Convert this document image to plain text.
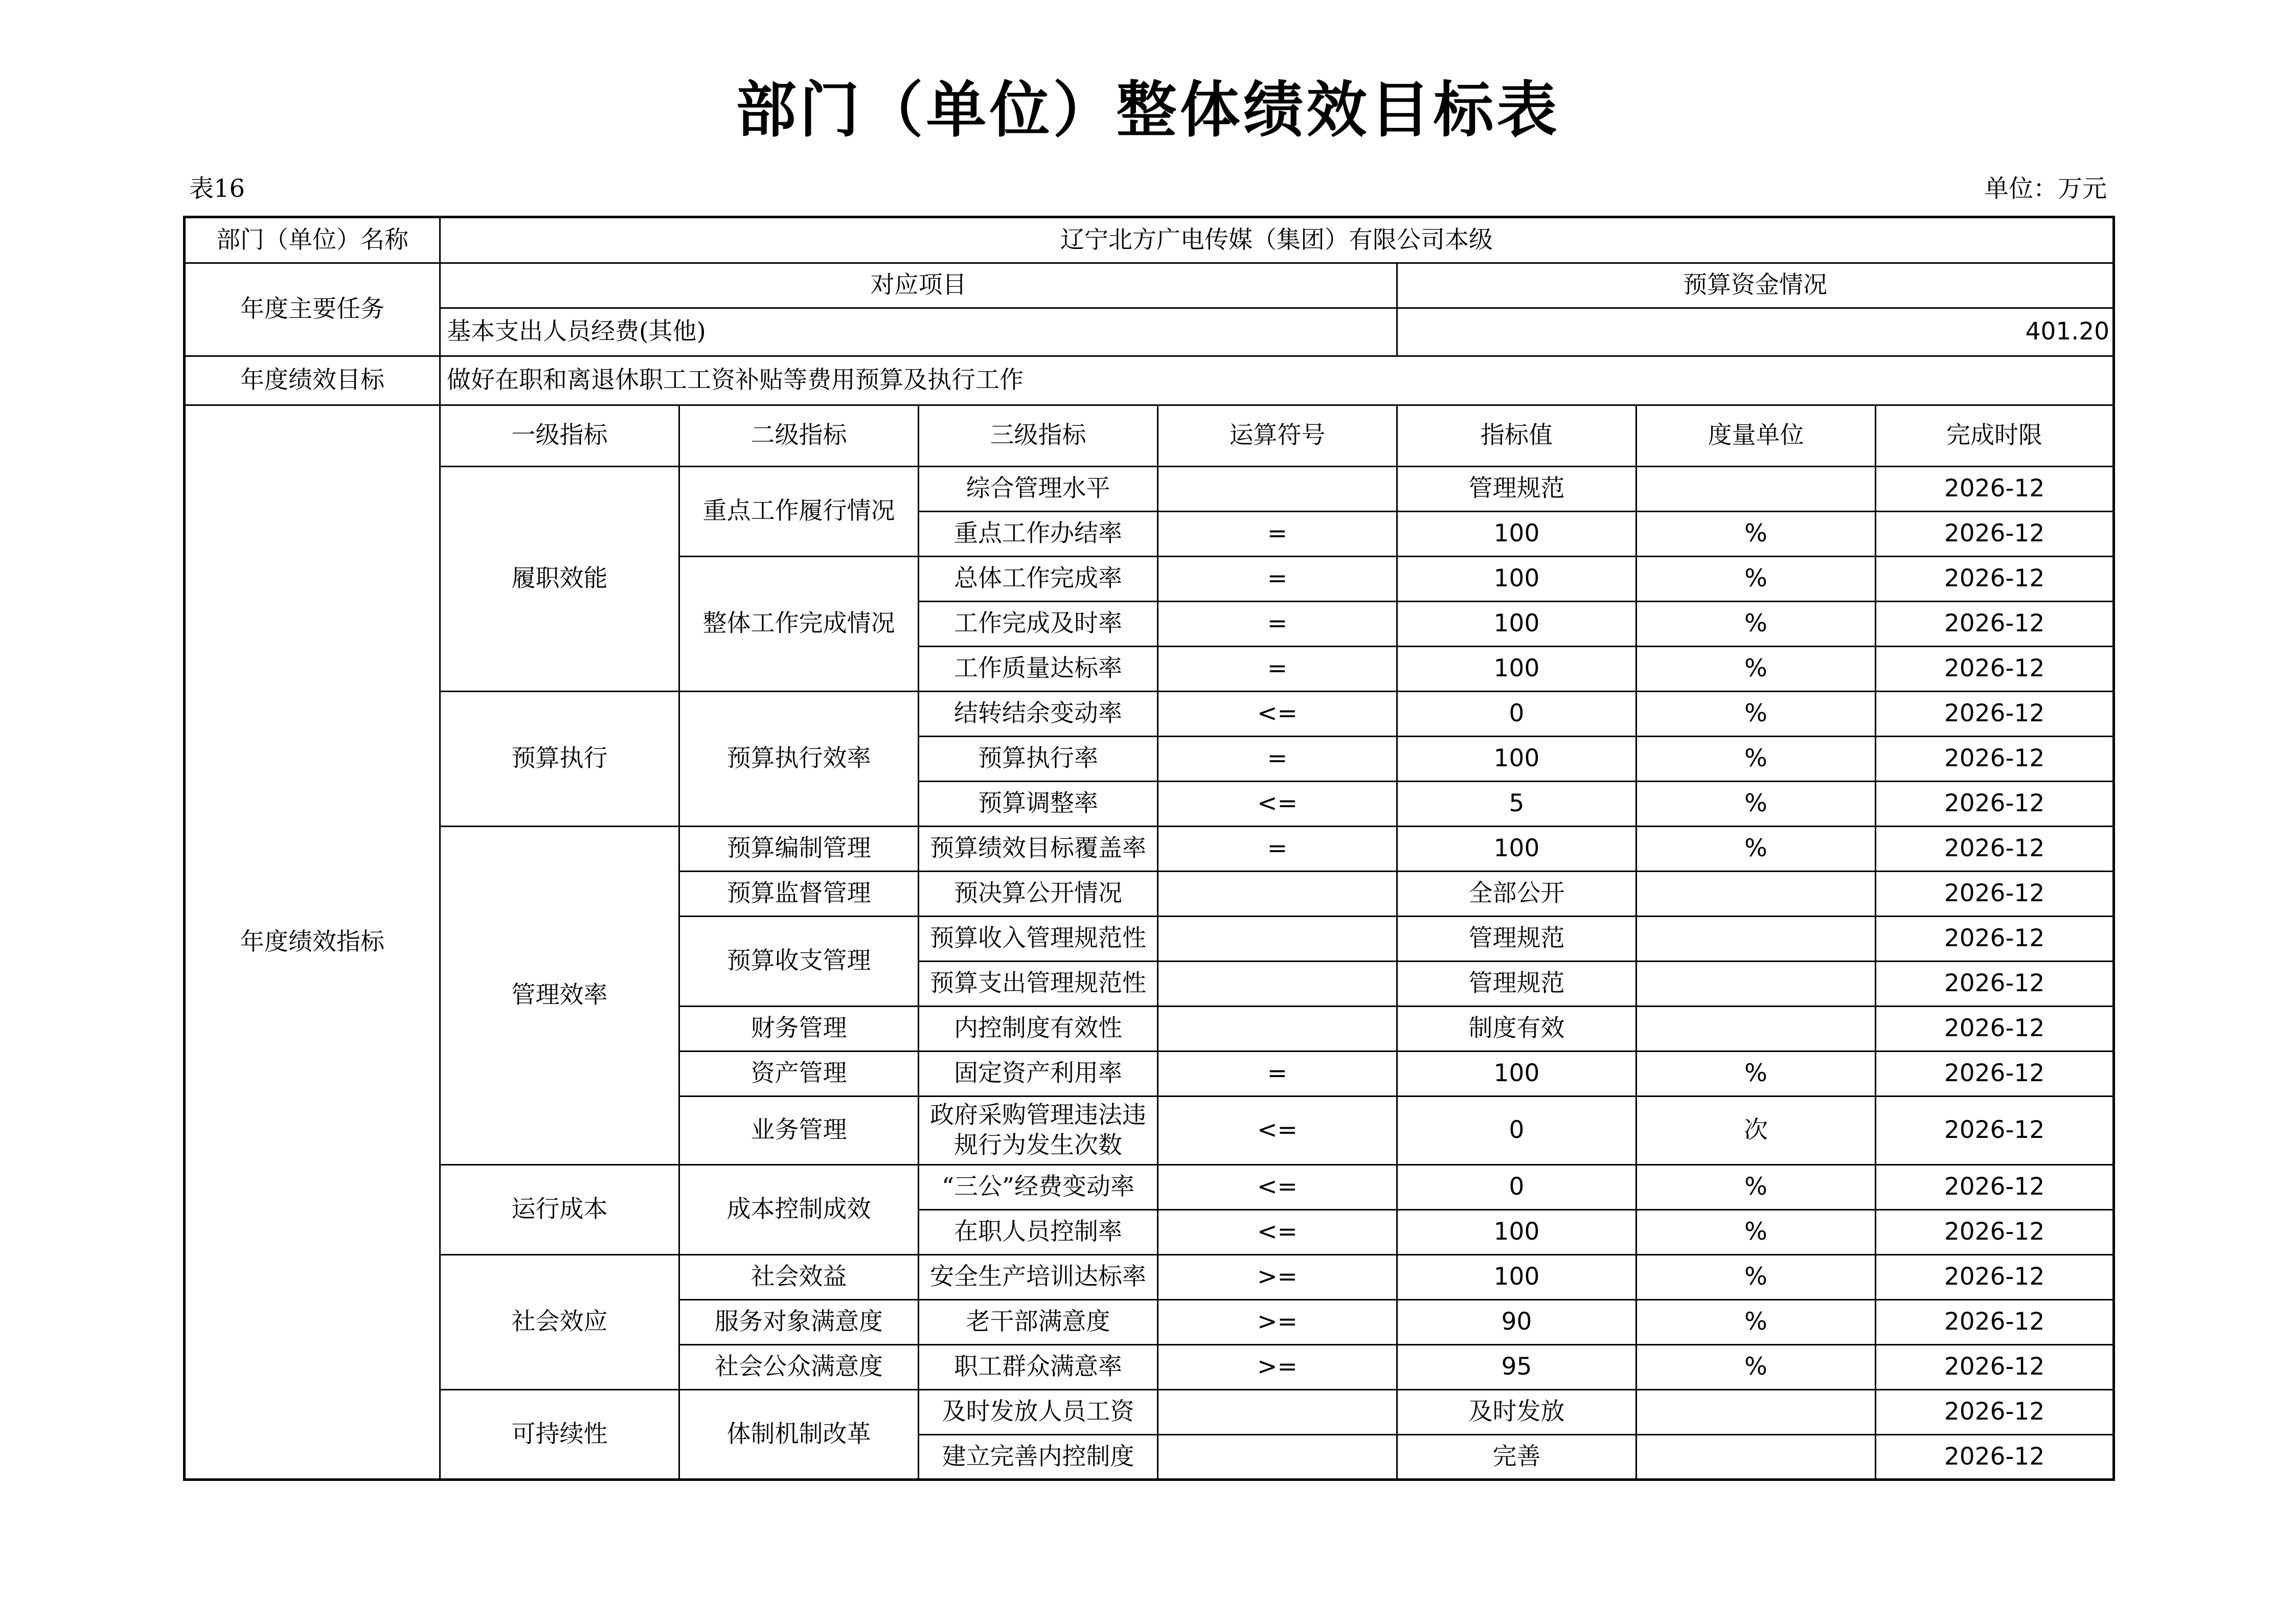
部门（单位）整体绩效目标表
表16	单位：万元
部门（单位）名称	辽宁北方广电传媒（集团）有限公司本级						
年度主要任务	对应项目				预算资金情况		
	基本支出人员经费(其他)				401.20		
年度绩效目标	做好在职和离退休职工工资补贴等费用预算及执行工作						
年度绩效指标	一级指标	二级指标	三级指标	运算符号	指标值	度量单位	完成时限
	履职效能	重点工作履行情况	综合管理水平		管理规范		2026-12
			重点工作办结率	=	100	%	2026-12
		整体工作完成情况	总体工作完成率	=	100	%	2026-12
			工作完成及时率	=	100	%	2026-12
			工作质量达标率	=	100	%	2026-12
	预算执行	预算执行效率	结转结余变动率	<=	0	%	2026-12
			预算执行率	=	100	%	2026-12
			预算调整率	<=	5	%	2026-12
	管理效率	预算编制管理	预算绩效目标覆盖率	=	100	%	2026-12
		预算监督管理	预决算公开情况		全部公开		2026-12
		预算收支管理	预算收入管理规范性		管理规范		2026-12
			预算支出管理规范性		管理规范		2026-12
		财务管理	内控制度有效性		制度有效		2026-12
		资产管理	固定资产利用率	=	100	%	2026-12
		业务管理	政府采购管理违法违规行为发生次数	<=	0	次	2026-12
	运行成本	成本控制成效	“三公”经费变动率	<=	0	%	2026-12
			在职人员控制率	<=	100	%	2026-12
	社会效应	社会效益	安全生产培训达标率	>=	100	%	2026-12
		服务对象满意度	老干部满意度	>=	90	%	2026-12
		社会公众满意度	职工群众满意率	>=	95	%	2026-12
	可持续性	体制机制改革	及时发放人员工资		及时发放		2026-12
			建立完善内控制度		完善		2026-12
